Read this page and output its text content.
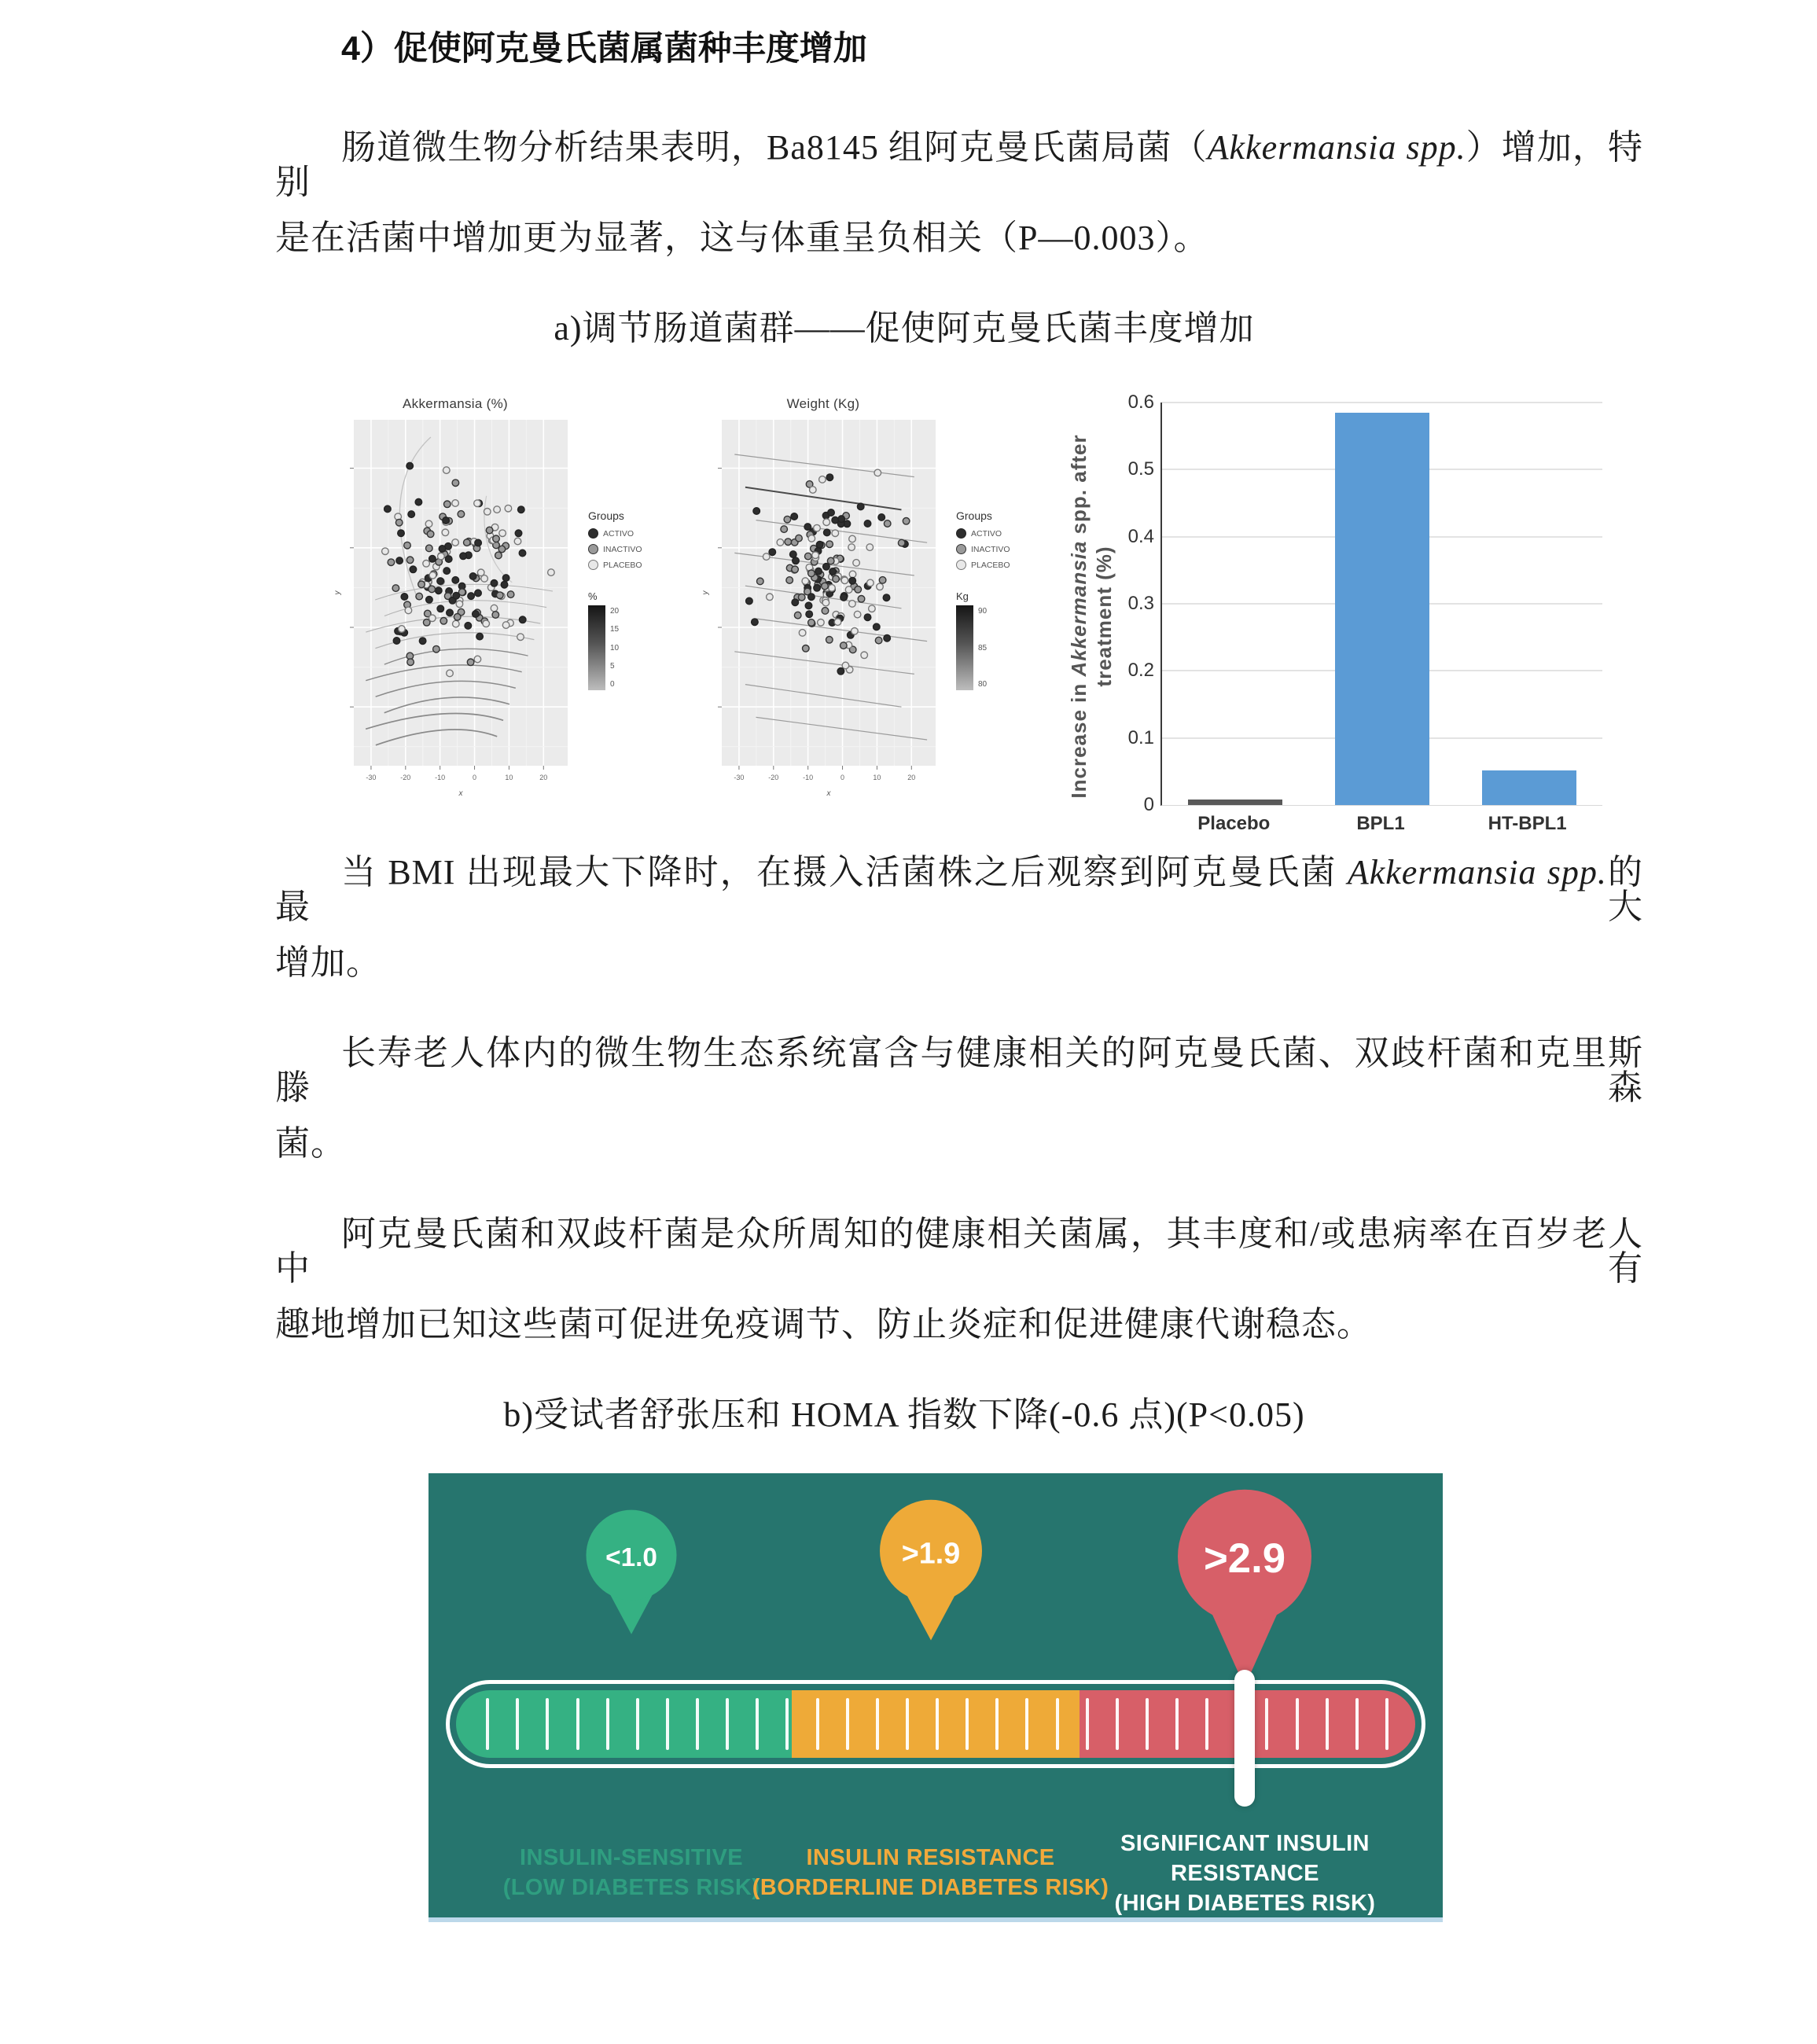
4）促使阿克曼氏菌属菌种丰度增加

肠道微生物分析结果表明，Ba8145 组阿克曼氏菌局菌（Akkermansia spp.）增加，特别

是在活菌中增加更为显著，这与体重呈负相关（P—0.003）。

a)调节肠道菌群——促使阿克曼氏菌丰度增加

Akkermansia (%)
-30	-20	-10	0	10	20
x
y
Groups
ACTIVO
INACTIVO
PLACEBO
%
20
15
10
5
0
Weight (Kg)
-30	-20	-10	0	10	20
x
y
Groups
ACTIVO
INACTIVO
PLACEBO
Kg
90
85
80	Increase in Akkermansia spp. after
treatment (%)
0
0.1
0.2
0.3
0.4
0.5
0.6
Placebo	BPL1	HT-BPL1

当 BMI 出现最大下降时，在摄入活菌株之后观察到阿克曼氏菌 Akkermansia spp.的最大

增加。

长寿老人体内的微生物生态系统富含与健康相关的阿克曼氏菌、双歧杆菌和克里斯滕森

菌。

阿克曼氏菌和双歧杆菌是众所周知的健康相关菌属，其丰度和/或患病率在百岁老人中有

趣地增加已知这些菌可促进免疫调节、防止炎症和促进健康代谢稳态。

b)受试者舒张压和 HOMA 指数下降(-0.6 点)(P<0.05)

<1.0	>1.9	>2.9
INSULIN-SENSITIVE
(LOW DIABETES RISK)
INSULIN RESISTANCE
(BORDERLINE DIABETES RISK)
SIGNIFICANT INSULIN
RESISTANCE
(HIGH DIABETES RISK)
